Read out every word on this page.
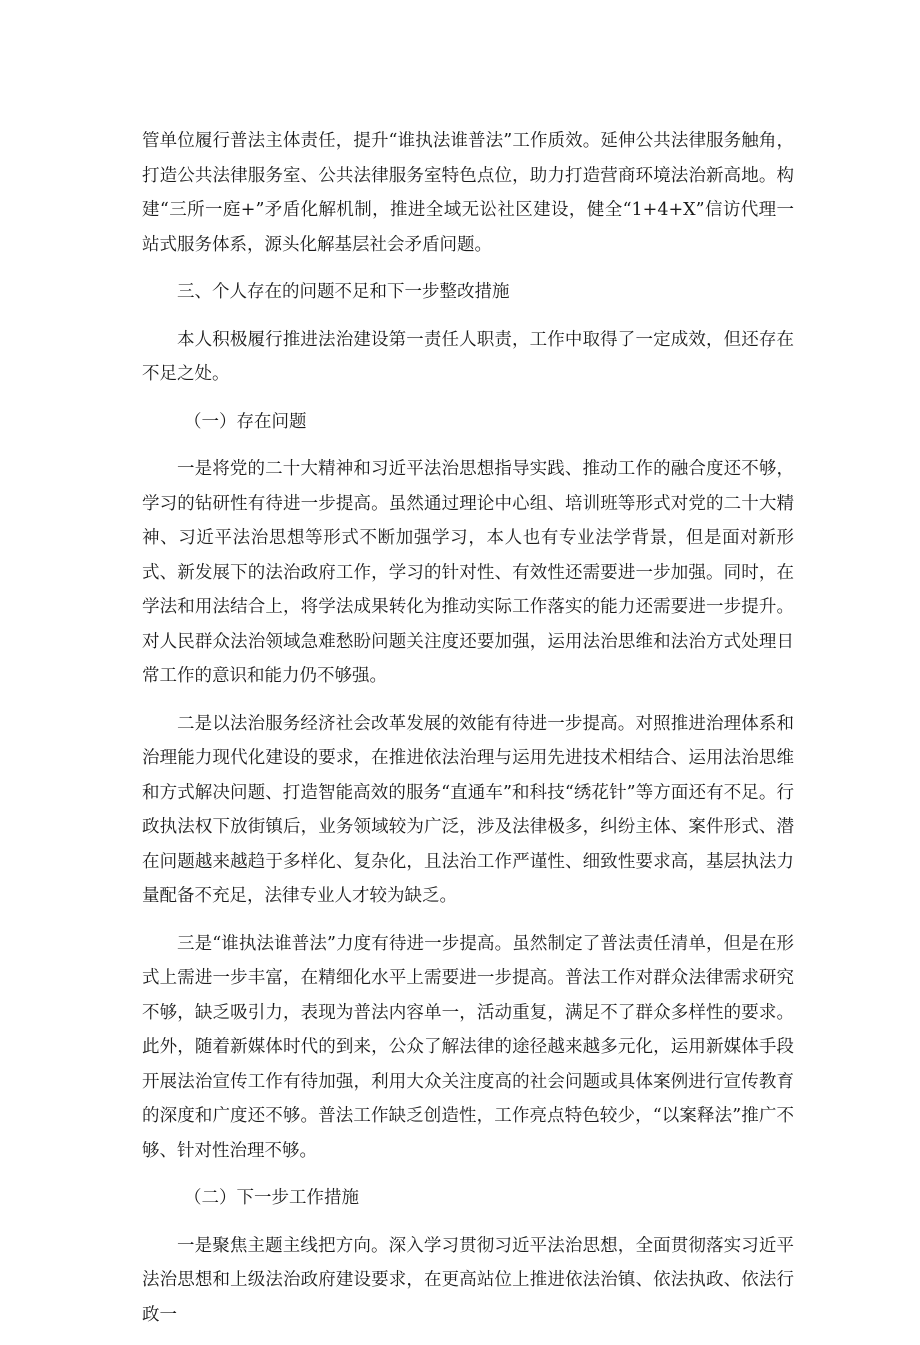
管单位履行普法主体责任，提升“谁执法谁普法”工作质效。延伸公共法律服务触角，打造公共法律服务室、公共法律服务室特色点位，助力打造营商环境法治新高地。构建“三所一庭+”矛盾化解机制，推进全域无讼社区建设，健全“1+4+X”信访代理一站式服务体系，源头化解基层社会矛盾问题。

三、个人存在的问题不足和下一步整改措施

本人积极履行推进法治建设第一责任人职责，工作中取得了一定成效，但还存在不足之处。

（一）存在问题

一是将党的二十大精神和习近平法治思想指导实践、推动工作的融合度还不够，学习的钻研性有待进一步提高。虽然通过理论中心组、培训班等形式对党的二十大精神、习近平法治思想等形式不断加强学习，本人也有专业法学背景，但是面对新形式、新发展下的法治政府工作，学习的针对性、有效性还需要进一步加强。同时，在学法和用法结合上，将学法成果转化为推动实际工作落实的能力还需要进一步提升。对人民群众法治领域急难愁盼问题关注度还要加强，运用法治思维和法治方式处理日常工作的意识和能力仍不够强。

二是以法治服务经济社会改革发展的效能有待进一步提高。对照推进治理体系和治理能力现代化建设的要求，在推进依法治理与运用先进技术相结合、运用法治思维和方式解决问题、打造智能高效的服务“直通车”和科技“绣花针”等方面还有不足。行政执法权下放街镇后，业务领域较为广泛，涉及法律极多，纠纷主体、案件形式、潜在问题越来越趋于多样化、复杂化，且法治工作严谨性、细致性要求高，基层执法力量配备不充足，法律专业人才较为缺乏。

三是“谁执法谁普法”力度有待进一步提高。虽然制定了普法责任清单，但是在形式上需进一步丰富，在精细化水平上需要进一步提高。普法工作对群众法律需求研究不够，缺乏吸引力，表现为普法内容单一，活动重复，满足不了群众多样性的要求。此外，随着新媒体时代的到来，公众了解法律的途径越来越多元化，运用新媒体手段开展法治宣传工作有待加强，利用大众关注度高的社会问题或具体案例进行宣传教育的深度和广度还不够。普法工作缺乏创造性，工作亮点特色较少，“以案释法”推广不够、针对性治理不够。

（二）下一步工作措施

一是聚焦主题主线把方向。深入学习贯彻习近平法治思想，全面贯彻落实习近平法治思想和上级法治政府建设要求，在更高站位上推进依法治镇、依法执政、依法行政一
